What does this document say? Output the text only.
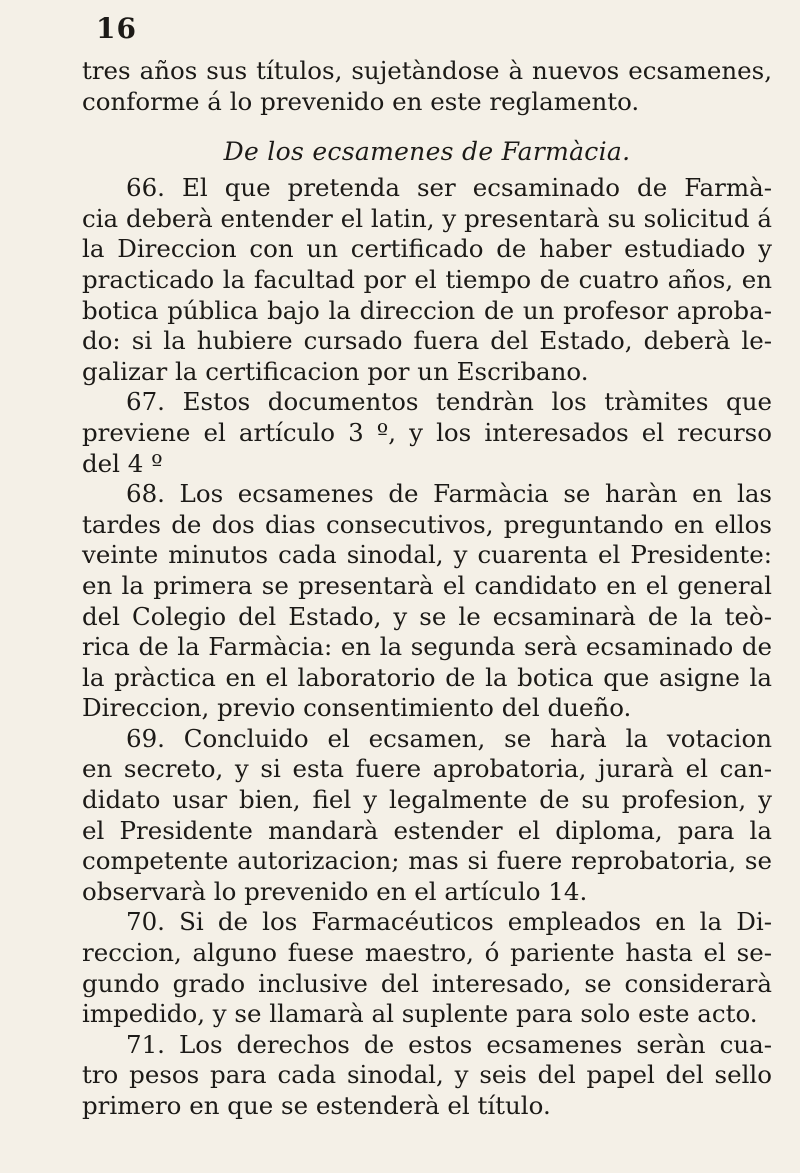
16
tres años sus títulos, sujetàndose à nuevos ecsamenes,
conforme á lo prevenido en este reglamento.
De los ecsamenes de Farmàcia.
66. El que pretenda ser ecsaminado de Farmà-
cia deberà entender el latin, y presentarà su solicitud á
la Direccion con un certificado de haber estudiado y
practicado la facultad por el tiempo de cuatro años, en
botica pública bajo la direccion de un profesor aproba-
do: si la hubiere cursado fuera del Estado, deberà le-
galizar la certificacion por un Escribano.
67. Estos documentos tendràn los tràmites que
previene el artículo 3 º, y los interesados el recurso
del 4 º
68. Los ecsamenes de Farmàcia se haràn en las
tardes de dos dias consecutivos, preguntando en ellos
veinte minutos cada sinodal, y cuarenta el Presidente:
en la primera se presentarà el candidato en el general
del Colegio del Estado, y se le ecsaminarà de la teò-
rica de la Farmàcia: en la segunda serà ecsaminado de
la pràctica en el laboratorio de la botica que asigne la
Direccion, previo consentimiento del dueño.
69. Concluido el ecsamen, se harà la votacion
en secreto, y si esta fuere aprobatoria, jurarà el can-
didato usar bien, fiel y legalmente de su profesion, y
el Presidente mandarà estender el diploma, para la
competente autorizacion; mas si fuere reprobatoria, se
observarà lo prevenido en el artículo 14.
70. Si de los Farmacéuticos empleados en la Di-
reccion, alguno fuese maestro, ó pariente hasta el se-
gundo grado inclusive del interesado, se considerarà
impedido, y se llamarà al suplente para solo este acto.
71. Los derechos de estos ecsamenes seràn cua-
tro pesos para cada sinodal, y seis del papel del sello
primero en que se estenderà el título.
